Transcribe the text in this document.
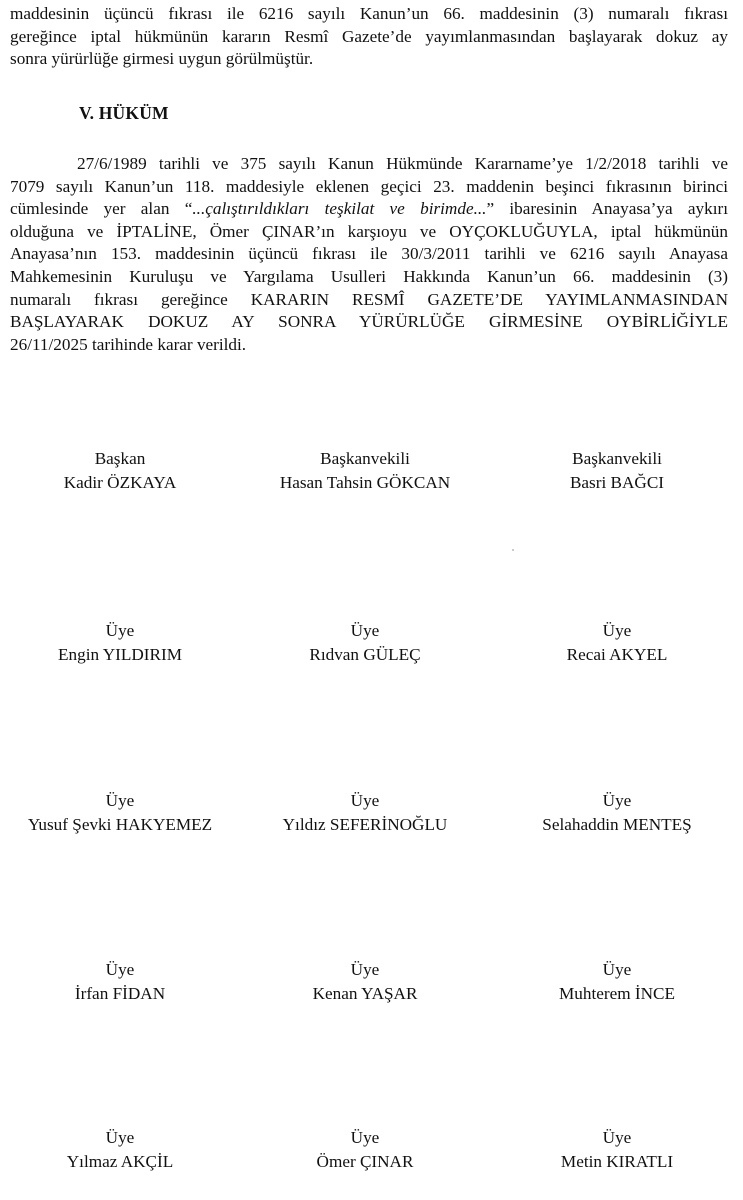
maddesinin üçüncü fıkrası ile 6216 sayılı Kanun’un 66. maddesinin (3) numaralı fıkrası
gereğince iptal hükmünün kararın Resmî Gazete’de yayımlanmasından başlayarak dokuz ay
sonra yürürlüğe girmesi uygun görülmüştür.

V. HÜKÜM

27/6/1989 tarihli ve 375 sayılı Kanun Hükmünde Kararname’ye 1/2/2018 tarihli ve
7079 sayılı Kanun’un 118. maddesiyle eklenen geçici 23. maddenin beşinci fıkrasının birinci
cümlesinde yer alan “...çalıştırıldıkları teşkilat ve birimde...” ibaresinin Anayasa’ya aykırı
olduğuna ve İPTALİNE, Ömer ÇINAR’ın karşıoyu ve OYÇOKLUĞUYLA, iptal hükmünün
Anayasa’nın 153. maddesinin üçüncü fıkrası ile 30/3/2011 tarihli ve 6216 sayılı Anayasa
Mahkemesinin Kuruluşu ve Yargılama Usulleri Hakkında Kanun’un 66. maddesinin (3)
numaralı fıkrası gereğince KARARIN RESMÎ GAZETE’DE YAYIMLANMASINDAN
BAŞLAYARAK DOKUZ AY SONRA YÜRÜRLÜĞE GİRMESİNE OYBİRLİĞİYLE
26/11/2025 tarihinde karar verildi.

Başkan
Kadir ÖZKAYA
Başkanvekili
Hasan Tahsin GÖKCAN
Başkanvekili
Basri BAĞCI
Üye
Engin YILDIRIM
Üye
Rıdvan GÜLEÇ
Üye
Recai AKYEL
Üye
Yusuf Şevki HAKYEMEZ
Üye
Yıldız SEFERİNOĞLU
Üye
Selahaddin MENTEŞ
Üye
İrfan FİDAN
Üye
Kenan YAŞAR
Üye
Muhterem İNCE
Üye
Yılmaz AKÇİL
Üye
Ömer ÇINAR
Üye
Metin KIRATLI
